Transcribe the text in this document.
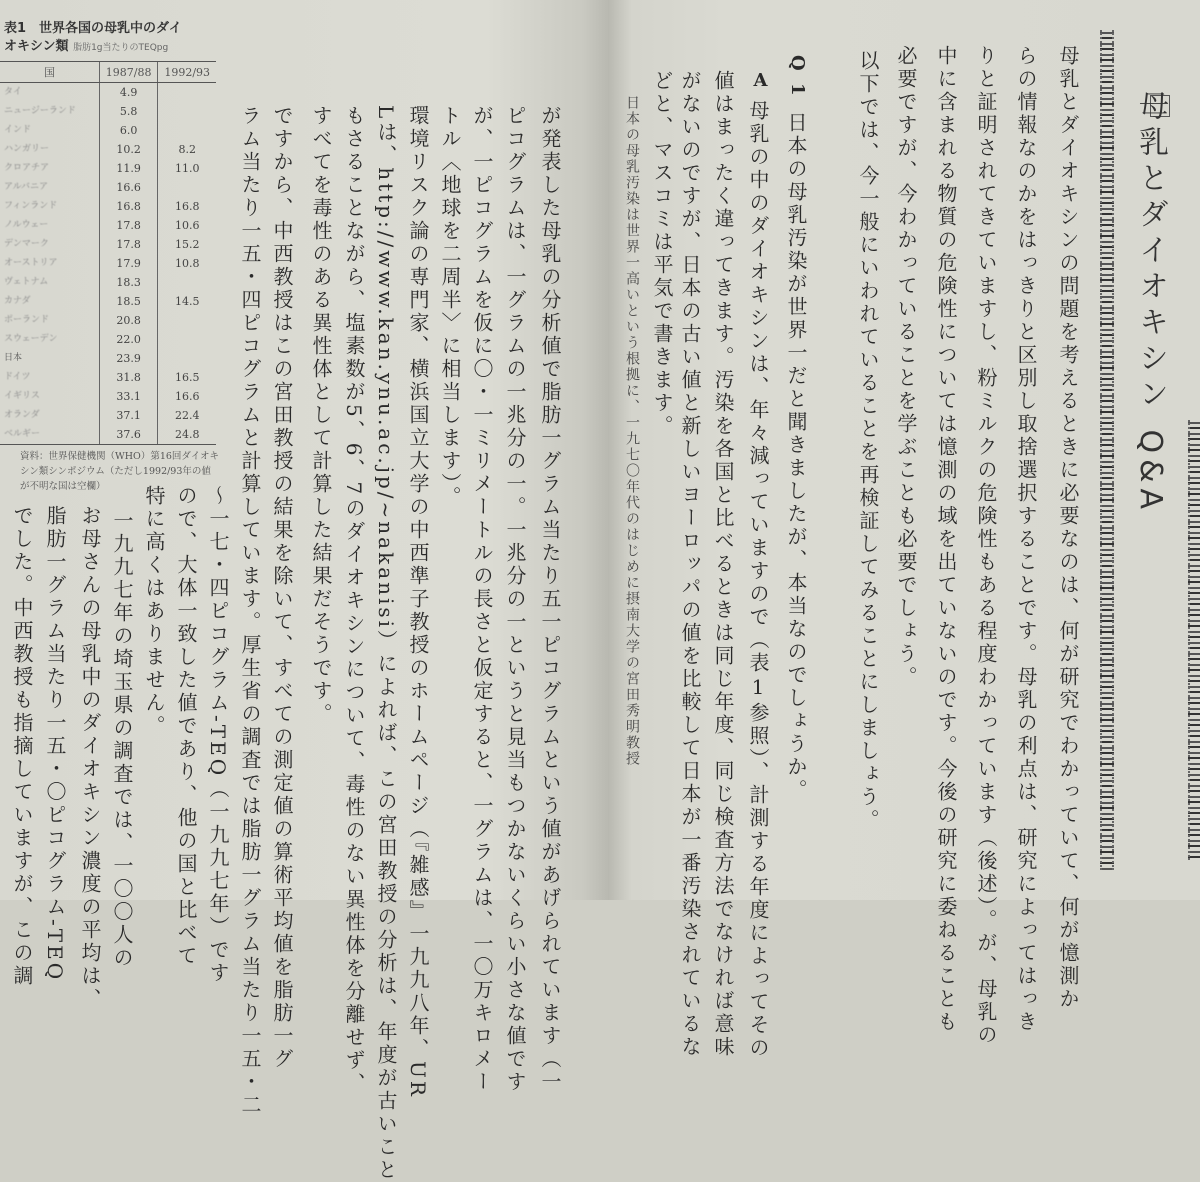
母乳とダイオキシン Q&A
母乳とダイオキシンの問題を考えるときに必要なのは、何が研究でわかっていて、何が憶測か
らの情報なのかをはっきりと区別し取捨選択することです。母乳の利点は、研究によってはっき
りと証明されてきていますし、粉ミルクの危険性もある程度わかっています（後述）。が、母乳の
中に含まれる物質の危険性については憶測の域を出ていないのです。今後の研究に委ねることも
必要ですが、今わかっていることを学ぶことも必要でしょう。
以下では、今一般にいわれていることを再検証してみることにしましょう。
Q 1
日本の母乳汚染が世界一だと聞きましたが、本当なのでしょうか。
A
母乳の中のダイオキシンは、年々減っていますので（表1参照）、計測する年度によってその
値はまったく違ってきます。汚染を各国と比べるときは同じ年度、同じ検査方法でなければ意味
がないのですが、日本の古い値と新しいヨーロッパの値を比較して日本が一番汚染されているな
どと、マスコミは平気で書きます。
日本の母乳汚染は世界一高いという根拠に、一九七〇年代のはじめに摂南大学の宮田秀明教授
が発表した母乳の分析値で脂肪一グラム当たり五一ピコグラムという値があげられています（一
ピコグラムは、一グラムの一兆分の一。一兆分の一というと見当もつかないくらい小さな値です
が、一ピコグラムを仮に〇・一ミリメートルの長さと仮定すると、一グラムは、一〇万キロメー
トル〈地球を二周半〉に相当します）。
環境リスク論の専門家、横浜国立大学の中西準子教授のホームページ（『雑感』一九九八年、UR
Lは、http://www.kan.ynu.ac.jp/~nakanisi）によれば、この宮田教授の分析は、年度が古いこと
もさることながら、塩素数が5、6、7のダイオキシンについて、毒性のない異性体を分離せず、
すべてを毒性のある異性体として計算した結果だそうです。
ですから、中西教授はこの宮田教授の結果を除いて、すべての測定値の算術平均値を脂肪一グ
ラム当たり一五・四ピコグラムと計算しています。厚生省の調査では脂肪一グラム当たり一五・二
〜一七・四ピコグラム-TEQ（一九九七年）です
ので、大体一致した値であり、他の国と比べて
特に高くはありません。
一九九七年の埼玉県の調査では、一〇〇人の
お母さんの母乳中のダイオキシン濃度の平均は、
脂肪一グラム当たり一五・〇ピコグラム-TEQ
でした。中西教授も指摘していますが、この調
表1　世界各国の母乳中のダイ
オキシン類 脂肪1g当たりのTEQpg
国	1987/88	1992/93
タイ	4.9	
ニュージーランド	5.8	
インド	6.0	
ハンガリー	10.2	8.2
クロアチア	11.9	11.0
アルバニア	16.6	
フィンランド	16.8	16.8
ノルウェー	17.8	10.6
デンマーク	17.8	15.2
オーストリア	17.9	10.8
ヴェトナム	18.3	
カナダ	18.5	14.5
ポーランド	20.8	
スウェーデン	22.0	
日本	23.9	
ドイツ	31.8	16.5
イギリス	33.1	16.6
オランダ	37.1	22.4
ベルギー	37.6	24.8
資料：世界保健機関（WHO）第16回ダイオキシン類シンポジウム（ただし1992/93年の値が不明な国は空欄）
